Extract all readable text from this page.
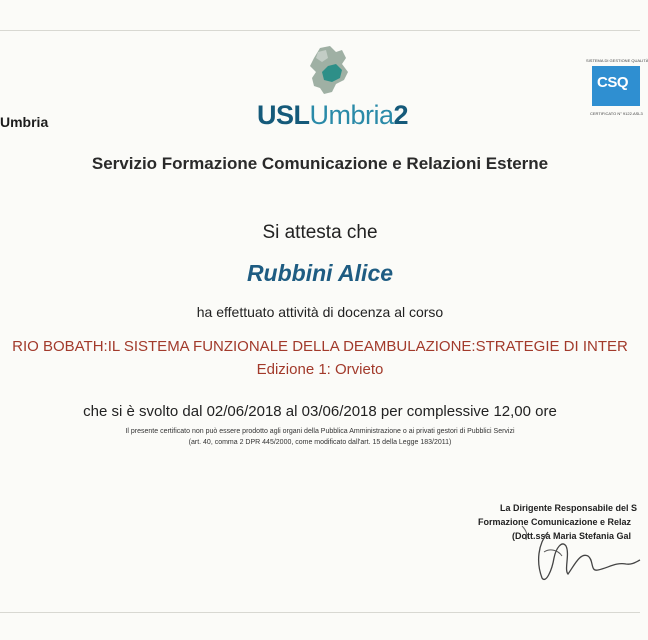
Umbria	USLUmbria2
SISTEMA DI GESTIONE QUALITÀ
CSQ
CERTIFICATO N° 9122.ASL3
Servizio Formazione Comunicazione e Relazioni Esterne
Si attesta che
Rubbini Alice
ha effettuato attività di docenza al corso
RIO BOBATH:IL SISTEMA FUNZIONALE DELLA DEAMBULAZIONE:STRATEGIE DI INTER
Edizione 1: Orvieto
che si è svolto dal 02/06/2018 al 03/06/2018 per complessive 12,00 ore
Il presente certificato non può essere prodotto agli organi della Pubblica Amministrazione o ai privati gestori di Pubblici Servizi
(art. 40, comma 2 DPR 445/2000, come modificato dall'art. 15 della Legge 183/2011)
La Dirigente Responsabile del S
Formazione Comunicazione e Relaz
(Dott.ssa Maria Stefania Gal
